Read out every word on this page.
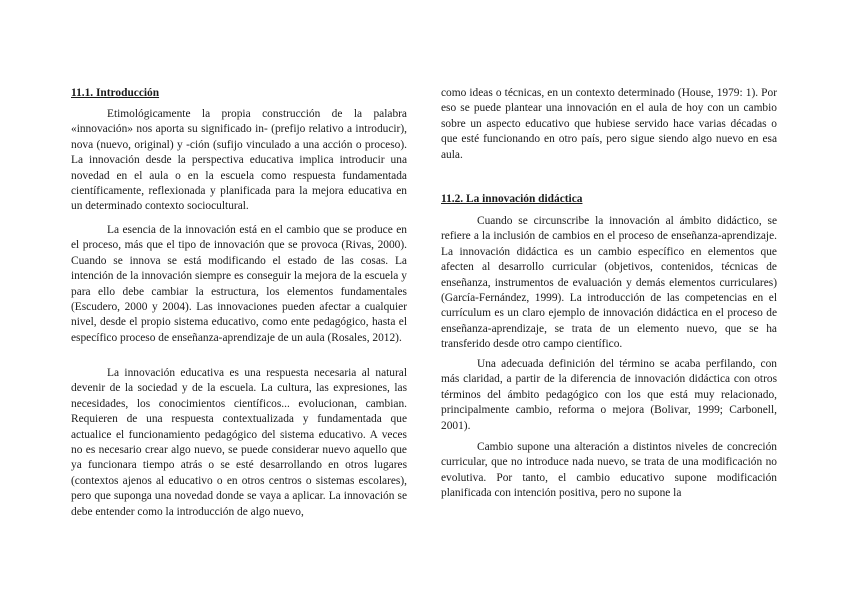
11.1. Introducción

Etimológicamente la propia construcción de la palabra «innovación» nos aporta su significado in- (prefijo relativo a introducir), nova (nuevo, original) y -ción (sufijo vinculado a una acción o proceso). La innovación desde la perspectiva educativa implica introducir una novedad en el aula o en la escuela como respuesta fundamentada científicamente, reflexionada y planificada para la mejora educativa en un determinado contexto sociocultural.

La esencia de la innovación está en el cambio que se produce en el proceso, más que el tipo de innovación que se provoca (Rivas, 2000). Cuando se innova se está modificando el estado de las cosas. La intención de la innovación siempre es conseguir la mejora de la escuela y para ello debe cambiar la estructura, los elementos fundamentales (Escudero, 2000 y 2004). Las innovaciones pueden afectar a cualquier nivel, desde el propio sistema educativo, como ente pedagógico, hasta el específico proceso de enseñanza-aprendizaje de un aula (Rosales, 2012).

La innovación educativa es una respuesta necesaria al natural devenir de la sociedad y de la escuela. La cultura, las expresiones, las necesidades, los conocimientos científicos... evolucionan, cambian. Requieren de una respuesta contextualizada y fundamentada que actualice el funcionamiento pedagógico del sistema educativo. A veces no es necesario crear algo nuevo, se puede considerar nuevo aquello que ya funcionara tiempo atrás o se esté desarrollando en otros lugares (contextos ajenos al educativo o en otros centros o sistemas escolares), pero que suponga una novedad donde se vaya a aplicar. La innovación se debe entender como la introducción de algo nuevo,

como ideas o técnicas, en un contexto determinado (House, 1979: 1). Por eso se puede plantear una innovación en el aula de hoy con un cambio sobre un aspecto educativo que hubiese servido hace varias décadas o que esté funcionando en otro país, pero sigue siendo algo nuevo en esa aula.

11.2. La innovación didáctica

Cuando se circunscribe la innovación al ámbito didáctico, se refiere a la inclusión de cambios en el proceso de enseñanza-aprendizaje. La innovación didáctica es un cambio específico en elementos que afecten al desarrollo curricular (objetivos, contenidos, técnicas de enseñanza, instrumentos de evaluación y demás elementos curriculares) (García-Fernández, 1999). La introducción de las competencias en el currículum es un claro ejemplo de innovación didáctica en el proceso de enseñanza-aprendizaje, se trata de un elemento nuevo, que se ha transferido desde otro campo científico.

Una adecuada definición del término se acaba perfilando, con más claridad, a partir de la diferencia de innovación didáctica con otros términos del ámbito pedagógico con los que está muy relacionado, principalmente cambio, reforma o mejora (Bolivar, 1999; Carbonell, 2001).

Cambio supone una alteración a distintos niveles de concreción curricular, que no introduce nada nuevo, se trata de una modificación no evolutiva. Por tanto, el cambio educativo supone modificación planificada con intención positiva, pero no supone la
